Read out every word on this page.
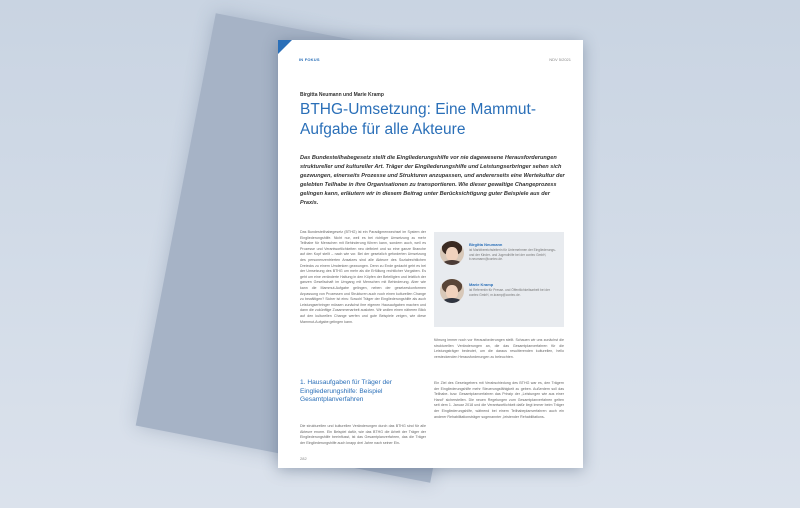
IN FOKUS	NDV 5/2021
Birgitta Neumann und Marie Kramp
BTHG-Umsetzung: Eine Mammut-Aufgabe für alle Akteure
Das Bundesteilhabegesetz stellt die Eingliederungshilfe vor nie dagewesene Herausforderungen struktureller und kultureller Art. Träger der Eingliederungshilfe und Leistungserbringer sehen sich gezwungen, einerseits Prozesse und Strukturen anzupassen, und andererseits eine Wertekultur der gelebten Teilhabe in ihre Organisationen zu transportieren. Wie dieser gewaltige Changeprozess gelingen kann, erläutern wir in diesem Beitrag unter Berücksichtigung guter Beispiele aus der Praxis.
Das Bundesteilhabegesetz (BTHG) ist ein Paradigmenwechsel im System der Eingliederungshilfe. Nicht nur, weil es bei richtiger Umsetzung zu mehr Teilhabe für Menschen mit Behinderung führen kann, sondern auch, weil es Prozesse und Verantwortlichkeiten neu definiert und so eine ganze Branche auf den Kopf stellt – nach wie vor. Bei der gesetzlich geforderten Umsetzung des personenzentrierten Ansatzes sind alle Akteure des Sozialrechtlichen Dreiecks zu einem Umdenken gezwungen. Denn zu Ende gedacht geht es bei der Umsetzung des BTHG um mehr als die Erfüllung rechtlicher Vorgaben. Es geht um eine veränderte Haltung in den Köpfen der Beteiligten und letztlich der ganzen Gesellschaft im Umgang mit Menschen mit Behinderung. Aber wie kann die Mammut-Aufgabe gelingen, neben der gesetzeskonformen Anpassung von Prozessen und Strukturen auch noch einen kulturellen Change zu bewältigen? Sicher ist eins: Sowohl Träger der Eingliederungshilfe als auch Leistungserbringer müssen zunächst ihre eigenen Hausaufgaben machen und dann die zukünftige Zusammenarbeit ausloten. Wir wollen einen näheren Blick auf den kulturellen Change werfen und gute Beispiele zeigen, wie diese Mammut-Aufgabe gelingen kann.
1. Hausaufgaben für Träger der Eingliederungshilfe: Beispiel Gesamtplanverfahren
Die strukturellen und kulturellen Veränderungen durch das BTHG sind für alle Akteure enorm. Ein Beispiel dafür, wie das BTHG die Arbeit der Träger der Eingliederungshilfe beeinflusst, ist das Gesamtplanverfahren, das die Träger der Eingliederungshilfe auch knapp drei Jahre nach seiner Ein-
Birgitta Neumann
ist Marktbereichsleiterin für Unternehmen der Eingliederungs- und der Kinder- und Jugendhilfe bei der contec GmbH, b.neumann@contec.de.
Marie Kramp
ist Referentin für Presse- und Öffentlichkeitsarbeit bei der contec GmbH, m.kramp@contec.de.
führung immer noch vor Herausforderungen stellt. Schauen wir uns zunächst die strukturellen Veränderungen an, die das Gesamtplanverfahren für die Leistungsträger bedeutet, um die daraus resultierenden kulturellen, hello versteckenden Herausforderungen zu beleuchten.
Ein Ziel des Gesetzgebers mit Verabschiedung des BTHG war es, den Trägern der Eingliederungshilfe mehr Steuerungsfähigkeit zu geben. Außerdem soll das Teilhabe- bzw. Gesamtplanverfahren das Prinzip der „Leistungen wie aus einer Hand“ sicherstellen. Die neuen Regelungen zum Gesamtplanverfahren gelten seit dem 1. Januar 2018 und die Verantwortlichkeit dafür liegt immer beim Träger der Eingliederungshilfe, während bei einem Teilhabeplanverfahren auch ein anderer Rehabilitationsträger sogenannter „leistender Rehabilitations-
282
